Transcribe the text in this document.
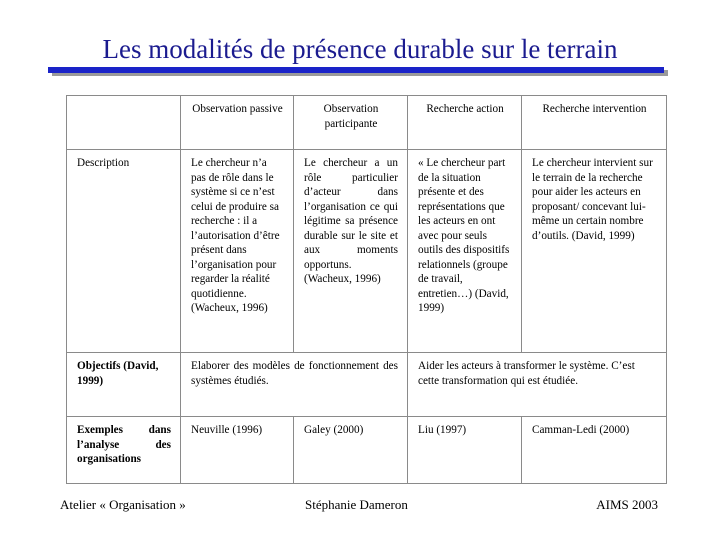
Les modalités de présence durable sur le terrain
	Observation passive	Observation participante	Recherche action	Recherche intervention
Description	Le chercheur n’a pas de rôle dans le système si ce n’est celui de produire sa recherche : il a l’autorisation d’être présent dans l’organisation pour regarder la réalité quotidienne. (Wacheux, 1996)	Le chercheur a un rôle particulier d’acteur dans l’organisation ce qui légitime sa présence durable sur le site et aux moments opportuns. (Wacheux, 1996)	« Le chercheur part de la situation présente et des représentations que les acteurs en ont avec pour seuls outils des dispositifs relationnels (groupe de travail, entretien…) (David, 1999)	Le chercheur intervient sur le terrain de la recherche pour aider les acteurs en proposant/ concevant lui-même un certain nombre d’outils. (David, 1999)
Objectifs (David, 1999)	Elaborer des modèles de fonctionnement des systèmes étudiés.		Aider les acteurs à transformer le système. C’est cette transformation qui est étudiée.	
Exemples dans l’analyse des organisations	Neuville (1996)	Galey (2000)	Liu (1997)	Camman-Ledi (2000)
Atelier « Organisation »	Stéphanie Dameron	AIMS 2003
